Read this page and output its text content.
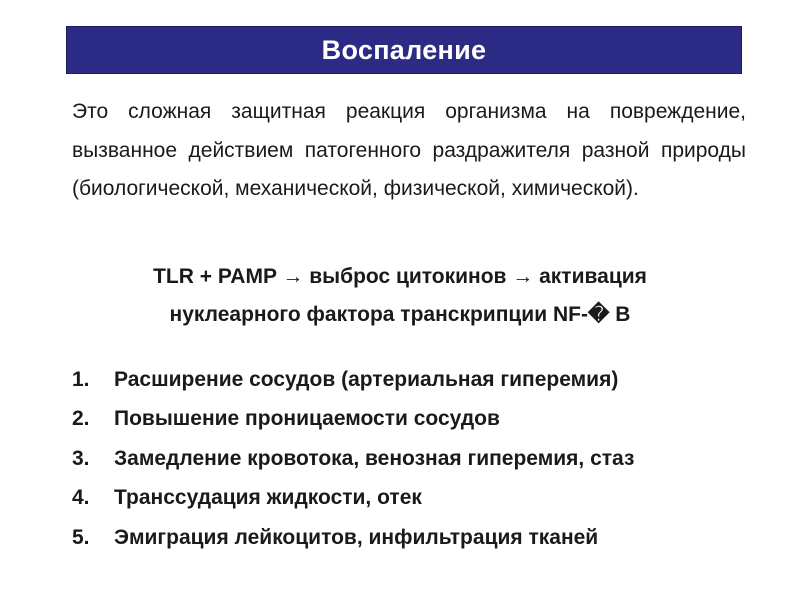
Воспаление

Это сложная защитная реакция организма на повреждение, вызванное действием патогенного раздражителя разной природы (биологической, механической, физической, химической).

TLR + PAMP → выброс цитокинов → активация
нуклеарного фактора транскрипции NF-� B
1.	Расширение сосудов (артериальная гиперемия)
2.	Повышение проницаемости сосудов
3.	Замедление кровотока, венозная гиперемия, стаз
4.	Транссудация жидкости, отек
5.	Эмиграция лейкоцитов, инфильтрация тканей
